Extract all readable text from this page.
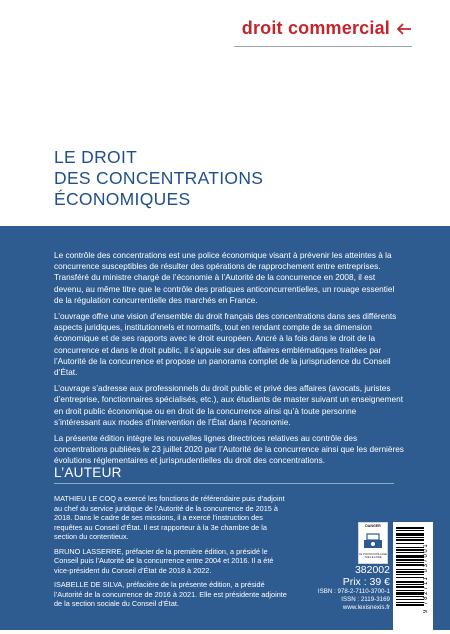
droit commercial
LE DROIT
DES CONCENTRATIONS
ÉCONOMIQUES

Le contrôle des concentrations est une police économique visant à prévenir les atteintes à la concurrence susceptibles de résulter des opérations de rapprochement entre entreprises. Transféré du ministre chargé de l’économie à l’Autorité de la concurrence en 2008, il est devenu, au même titre que le contrôle des pratiques anticoncurrentielles, un rouage essentiel de la régulation concurrentielle des marchés en France.

L’ouvrage offre une vision d’ensemble du droit français des concentrations dans ses différents aspects juridiques, institutionnels et normatifs, tout en rendant compte de sa dimension économique et de ses rapports avec le droit européen. Ancré à la fois dans le droit de la concurrence et dans le droit public, il s’appuie sur des affaires emblématiques traitées par l’Autorité de la concurrence et propose un panorama complet de la jurisprudence du Conseil d’État.

L’ouvrage s’adresse aux professionnels du droit public et privé des affaires (avocats, juristes d’entreprise, fonctionnaires spécialisés, etc.), aux étudiants de master suivant un enseignement en droit public économique ou en droit de la concurrence ainsi qu’à toute personne s’intéressant aux modes d’intervention de l’État dans l’économie.

La présente édition intègre les nouvelles lignes directrices relatives au contrôle des concentrations publiées le 23 juillet 2020 par l’Autorité de la concurrence ainsi que les dernières évolutions réglementaires et jurisprudentielles du droit des concentrations.

L’AUTEUR

MATHIEU LE COQ a exercé les fonctions de référendaire puis d’adjoint au chef du service juridique de l’Autorité de la concurrence de 2015 à 2018. Dans le cadre de ses missions, il a exercé l’instruction des requêtes au Conseil d’État. Il est rapporteur à la 3e chambre de la section du contentieux.

BRUNO LASSERRE, préfacier de la première édition, a présidé le Conseil puis l’Autorité de la concurrence entre 2004 et 2016. Il a été vice-président du Conseil d’État de 2018 à 2022.

ISABELLE DE SILVA, préfacière de la présente édition, a présidé l’Autorité de la concurrence de 2016 à 2021. Elle est présidente adjointe de la section sociale du Conseil d’État.

DANGER
LE PHOTOCOPILLAGE TUE LE LIVRE
382002
Prix : 39 €
ISBN : 978-2-7110-3700-1
ISSN : 2119-3169
www.lexisnexis.fr	9 782711 037001
